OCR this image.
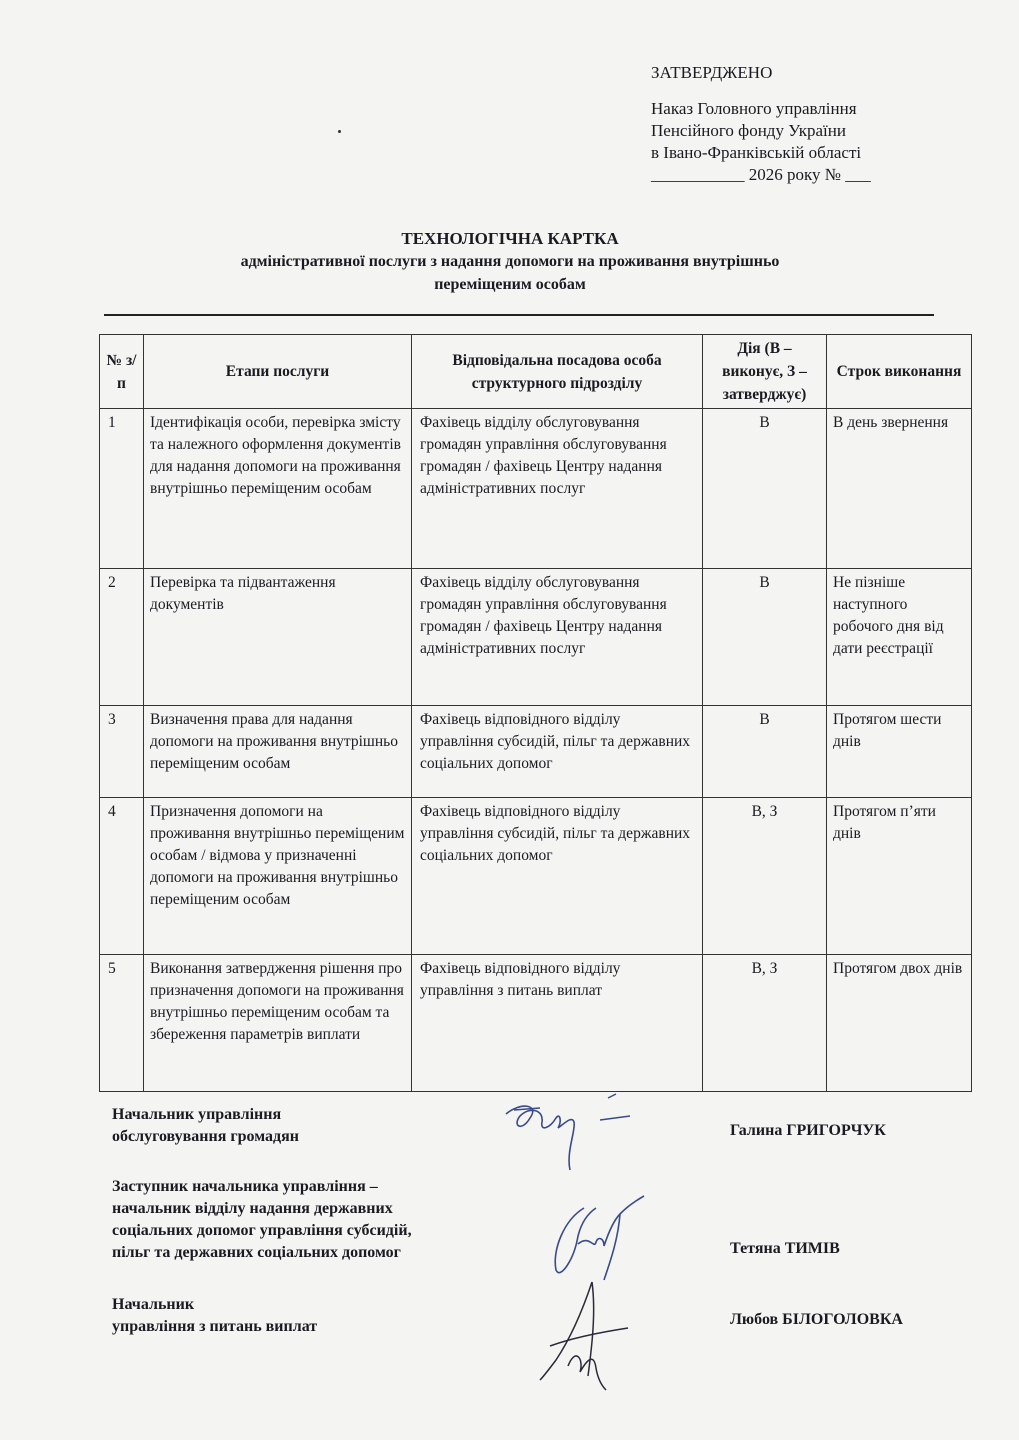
ЗАТВЕРДЖЕНО
Наказ Головного управління
Пенсійного фонду України
в Івано-Франківській області
___________ 2026 року № ___
ТЕХНОЛОГІЧНА КАРТКА
адміністративної послуги з надання допомоги на проживання внутрішньо
переміщеним особам
№ з/п	Етапи послуги	Відповідальна посадова особа структурного підрозділу	Дія (В – виконує, З – затверджує)	Строк виконання
1	Ідентифікація особи, перевірка змісту та належного оформлення документів для надання допомоги на проживання внутрішньо переміщеним особам	Фахівець відділу обслуговування громадян управління обслуговування громадян / фахівець Центру надання адміністративних послуг	В	В день звернення
2	Перевірка та підвантаження документів	Фахівець відділу обслуговування громадян управління обслуговування громадян / фахівець Центру надання адміністративних послуг	В	Не пізніше наступного робочого дня від дати реєстрації
3	Визначення права для надання допомоги на проживання внутрішньо переміщеним особам	Фахівець відповідного відділу управління субсидій, пільг та державних соціальних допомог	В	Протягом шести днів
4	Призначення допомоги на проживання внутрішньо переміщеним особам / відмова у призначенні допомоги на проживання внутрішньо переміщеним особам	Фахівець відповідного відділу управління субсидій, пільг та державних соціальних допомог	В, З	Протягом п’яти днів
5	Виконання затвердження рішення про призначення допомоги на проживання внутрішньо переміщеним особам та збереження параметрів виплати	Фахівець відповідного відділу управління з питань виплат	В, З	Протягом двох днів
Начальник управління
обслуговування громадян	Галина ГРИГОРЧУК
Заступник начальника управління –
начальник відділу надання державних
соціальних допомог управління субсидій,
пільг та державних соціальних допомог	Тетяна ТИМІВ
Начальник
управління з питань виплат	Любов БІЛОГОЛОВКА
